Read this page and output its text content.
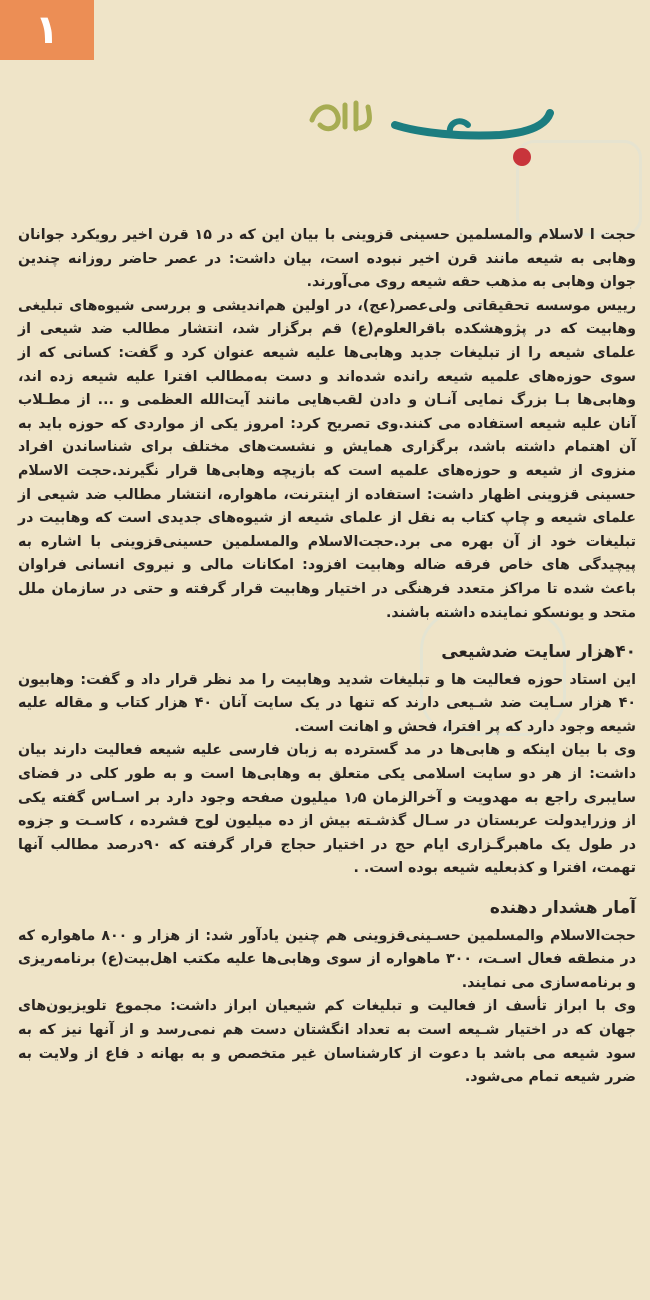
١

حجت ا لاسلام والمسلمین حسینی قزوینی با بیان این که در ۱۵ قرن اخیر رویکرد جوانان وهابی به شیعه مانند قرن اخیر نبوده است، بیان داشت: در عصر حاضر روزانه چندین جوان وهابی به مذهب حقه شیعه روی می‌آورند.

رییس موسسه تحقیقاتی ولی‌عصر(عج)، در اولین هم‌اندیشی و بررسی شیوه‌های تبلیغی وهابیت که در پژوهشکده باقرالعلوم(ع) قم برگزار شد، انتشار مطالب ضد شیعی از علمای شیعه را از تبلیغات جدید وهابی‌ها علیه شیعه عنوان کرد و گفت: کسانی که از سوی حوزه‌های علمیه شیعه رانده شده‌اند و دست به‌مطالب افترا علیه شیعه زده اند، وهابی‌ها بـا بزرگ نمایی آنـان و دادن لقب‌هایی مانند آیت‌الله العظمی و ... از مطـلاب آنان علیه شیعه استفاده می کنند.وی تصریح کرد: امروز یکی از مواردی که حوزه باید به آن اهتمام داشته باشد، برگزاری همایش و نشست‌های مختلف برای شناساندن افراد منزوی از شیعه و حوزه‌های علمیه است که بازیچه وهابی‌ها قرار نگیرند.حجت الاسلام حسینی قزوینی اظهار داشت: استفاده از اینترنت، ماهواره، انتشار مطالب ضد شیعی از علمای شیعه و چاپ کتاب به نقل از علمای شیعه از شیوه‌های جدیدی است که وهابیت در تبلیغات خود از آن بهره می برد.حجت‌الاسلام والمسلمین حسینی‌قزوینی با اشاره به پیچیدگی های خاص فرقه ضاله وهابیت افزود: امکانات مالی و نیروی انسانی فراوان باعث شده تا مراکز متعدد فرهنگی در اختیار وهابیت قرار گرفته و حتی در سازمان ملل متحد و یونسکو نماینده داشته باشند.

۴۰هزار سایت ضدشیعی

این استاد حوزه فعالیت ها و تبلیغات شدید وهابیت را مد نظر قرار داد و گفت: وهابیون ۴۰ هزار سـایت ضد شـیعی دارند که تنها در یک سایت آنان ۴۰ هزار کتاب و مقاله علیه شیعه وجود دارد که پر افترا، فحش و اهانت است.

وی با بیان اینکه و هابی‌ها در مد گسترده به زبان فارسی علیه شیعه فعالیت دارند بیان داشت: از هر دو سایت اسلامی یکی متعلق به وهابی‌ها است و به طور کلی در فضای سایبری راجع به مهدویت و آخرالزمان ۱٫۵ میلیون صفحه وجود دارد بر اسـاس گفته یکی از وزرایدولت عربستان در سـال گذشـته بیش از ده میلیون لوح فشرده ، کاسـت و جزوه در طول یک ماهبرگـزاری ایام حج در اختیار حجاج قرار گرفته که ۹۰درصد مطالب آنها تهمت، افترا و کذبعلیه شیعه بوده است. .

آمار هشدار دهنده

حجت‌الاسلام والمسلمین حسـینی‌قزوینی هم چنین یادآور شد: از هزار و ۸۰۰ ماهواره که در منطقه فعال اسـت، ۳۰۰ ماهواره از سوی وهابی‌ها علیه مکتب اهل‌بیت(ع) برنامه‌ریزی و برنامه‌سازی می نمایند.

وی با ابراز تأسف از فعالیت و تبلیغات کم شیعیان ابراز داشت: مجموع تلویزیون‌های جهان که در اختیار شـیعه است به تعداد انگشتان دست هم نمی‌رسد و از آنها نیز که به سود شیعه می باشد با دعوت از کارشناسان غیر متخصص و به بهانه د فاع از ولایت به ضرر شیعه تمام می‌شود.
